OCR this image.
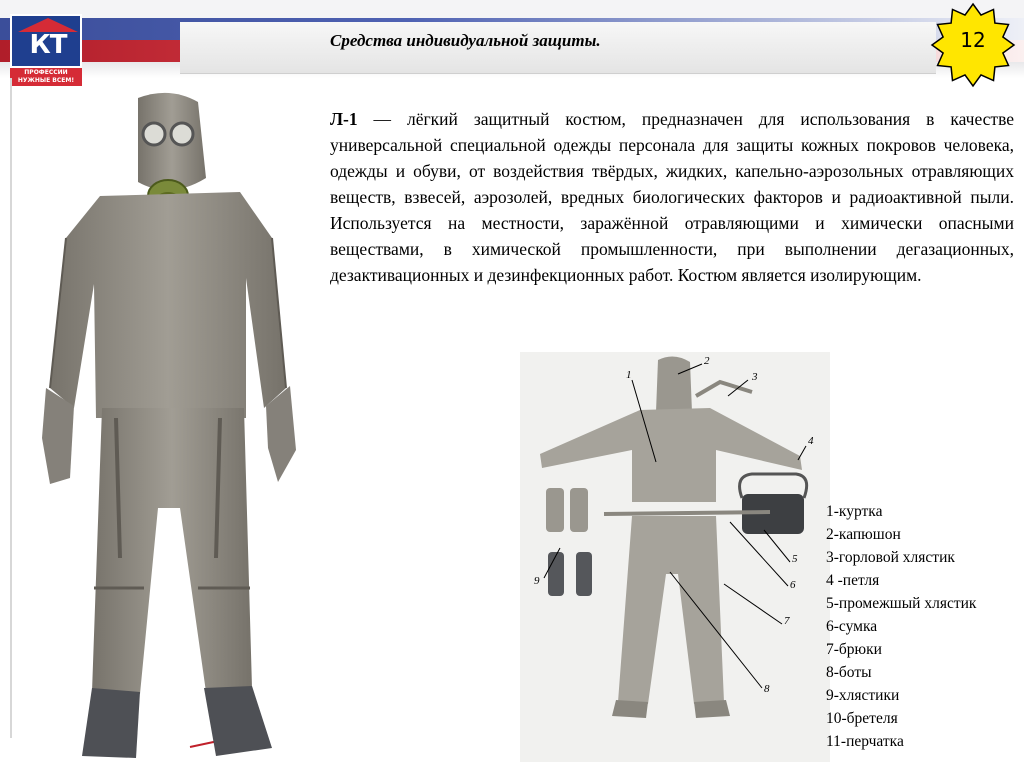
Средства индивидуальной защиты.
КТ
ПРОФЕССИИ
НУЖНЫЕ ВСЕМ!
12

Л-1 — лёгкий защитный костюм, предназначен для использования в качестве универсальной специальной одежды персонала для защиты кожных покровов человека, одежды и обуви, от воздействия твёрдых, жидких, капельно-аэрозольных отравляющих веществ, взвесей, аэрозолей, вредных биологических факторов и радиоактивной пыли. Используется на местности, заражённой отравляющими и химически опасными веществами, в химической промышленности, при выполнении дегазационных, дезактивационных и дезинфекционных работ. Костюм является изолирующим.

1
2
3
4
5
6
7
8
9
1-куртка
2-капюшон
3-горловой хлястик
4 -петля
5-промежшый хлястик
6-сумка
7-брюки
8-боты
9-хлястики
10-бретеля
11-перчатка
